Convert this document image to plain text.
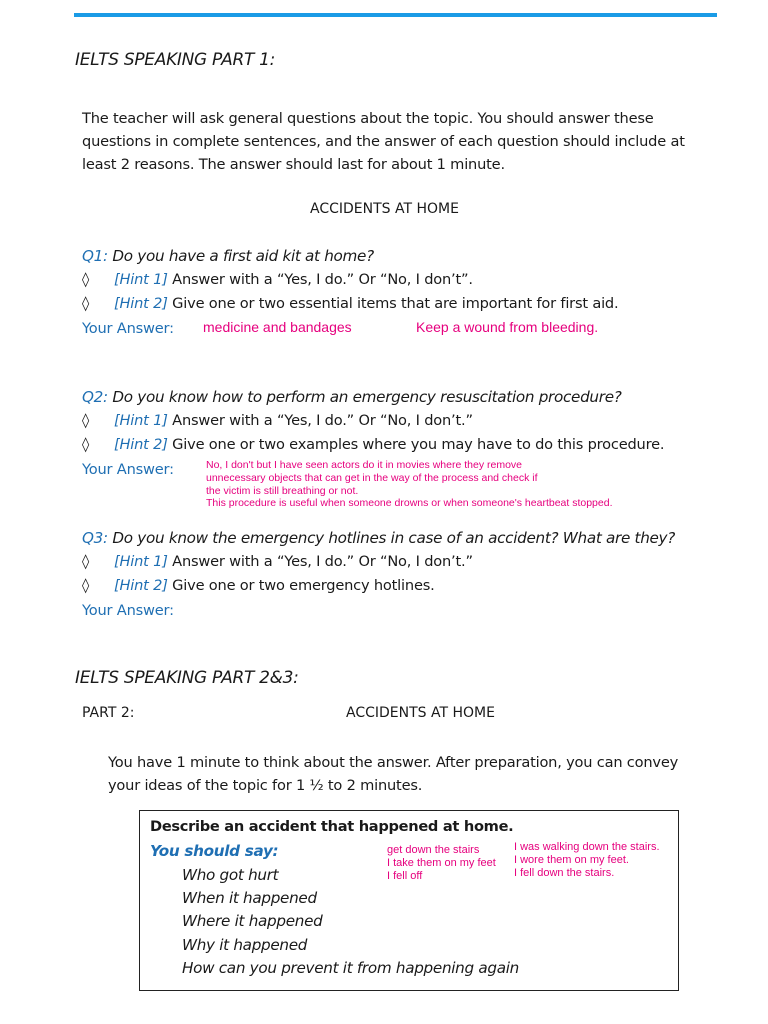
IELTS SPEAKING PART 1:
The teacher will ask general questions about the topic. You should answer these
questions in complete sentences, and the answer of each question should include at
least 2 reasons. The answer should last for about 1 minute.
ACCIDENTS AT HOME
Q1: Do you have a first aid kit at home?
◊ [Hint 1] Answer with a “Yes, I do.” Or “No, I don’t”.
◊ [Hint 2] Give one or two essential items that are important for first aid.
Your Answer: medicine and bandages	Keep a wound from bleeding.
Q2: Do you know how to perform an emergency resuscitation procedure?
◊ [Hint 1] Answer with a “Yes, I do.” Or “No, I don’t.”
◊ [Hint 2] Give one or two examples where you may have to do this procedure.
Your Answer:	No, I don't but I have seen actors do it in movies where they remove
unnecessary objects that can get in the way of the process and check if
the victim is still breathing or not.
This procedure is useful when someone drowns or when someone's heartbeat stopped.
Q3: Do you know the emergency hotlines in case of an accident? What are they?
◊ [Hint 1] Answer with a “Yes, I do.” Or “No, I don’t.”
◊ [Hint 2] Give one or two emergency hotlines.
Your Answer:
IELTS SPEAKING PART 2&3:
PART 2:	ACCIDENTS AT HOME
You have 1 minute to think about the answer. After preparation, you can convey
your ideas of the topic for 1 ½ to 2 minutes.
Describe an accident that happened at home.
You should say:
Who got hurt
When it happened
Where it happened
Why it happened
How can you prevent it from happening again
get down the stairs
I take them on my feet
I fell off
I was walking down the stairs.
I wore them on my feet.
I fell down the stairs.
